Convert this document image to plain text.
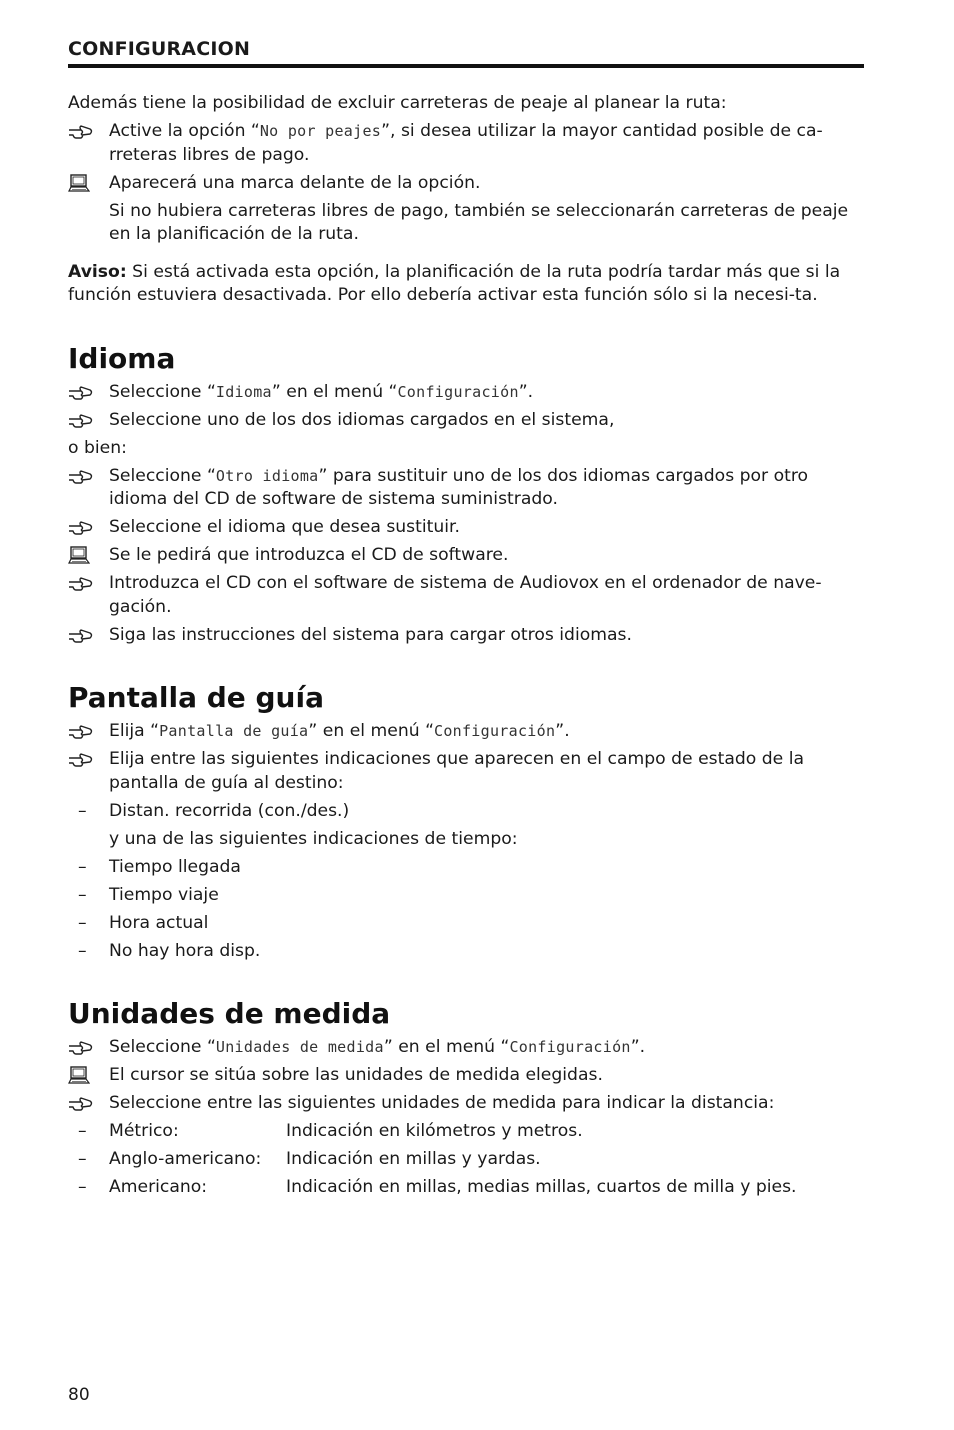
CONFIGURACION

Además tiene la posibilidad de excluir carreteras de peaje al planear la ruta:

Active la opción “No por peajes”, si desea utilizar la mayor cantidad posible de ca-rreteras libres de pago.
Aparecerá una marca delante de la opción.

Si no hubiera carreteras libres de pago, también se seleccionarán carreteras de peaje en la planificación de la ruta.

Aviso: Si está activada esta opción, la planificación de la ruta podría tardar más que si la función estuviera desactivada. Por ello debería activar esta función sólo si la necesi-ta.

Idioma
Seleccione “Idioma” en el menú “Configuración”.
Seleccione uno de los dos idiomas cargados en el sistema,

o bien:

Seleccione “Otro idioma” para sustituir uno de los dos idiomas cargados por otro idioma del CD de software de sistema suministrado.
Seleccione el idioma que desea sustituir.
Se le pedirá que introduzca el CD de software.
Introduzca el CD con el software de sistema de Audiovox en el ordenador de nave-gación.
Siga las instrucciones del sistema para cargar otros idiomas.
Pantalla de guía
Elija “Pantalla de guía” en el menú “Configuración”.
Elija entre las siguientes indicaciones que aparecen en el campo de estado de la pantalla de guía al destino:
– Distan. recorrida (con./des.)

y una de las siguientes indicaciones de tiempo:

– Tiempo llegada
– Tiempo viaje
– Hora actual
– No hay hora disp.
Unidades de medida
Seleccione “Unidades de medida” en el menú “Configuración”.
El cursor se sitúa sobre las unidades de medida elegidas.
Seleccione entre las siguientes unidades de medida para indicar la distancia:
– Métrico:	Indicación en kilómetros y metros.
– Anglo-americano: Indicación en millas y yardas.
– Americano:	Indicación en millas, medias millas, cuartos de milla y pies.
80
